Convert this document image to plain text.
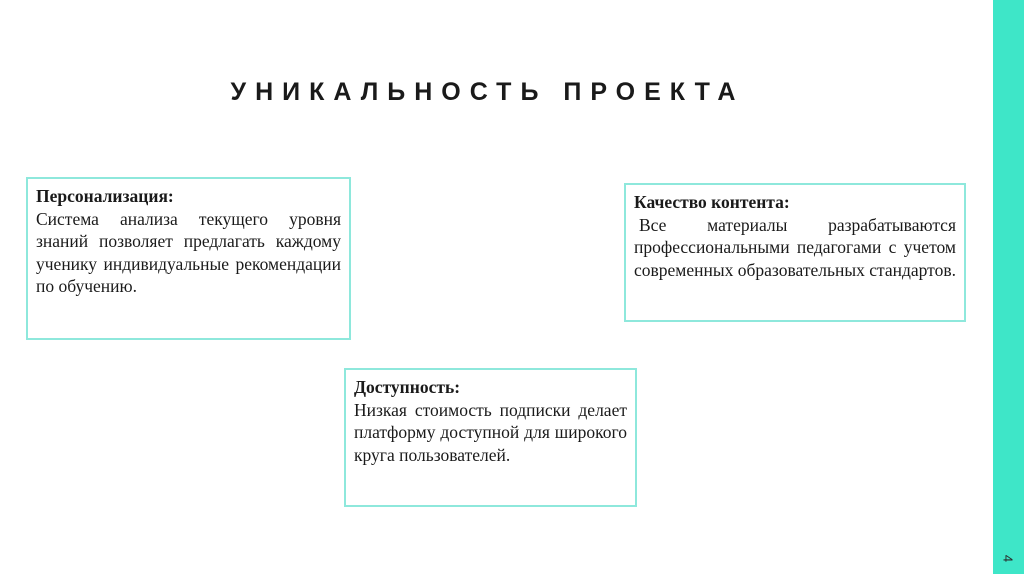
УНИКАЛЬНОСТЬ ПРОЕКТА
Персонализация:
Система анализа текущего уровня знаний позволяет предлагать каждому ученику индивидуальные рекомендации по обучению.
Качество контента:
Все материалы разрабатываются профессиональными педагогами с учетом современных образовательных стандартов.
Доступность:
Низкая стоимость подписки делает платформу доступной для широкого круга пользователей.
4
